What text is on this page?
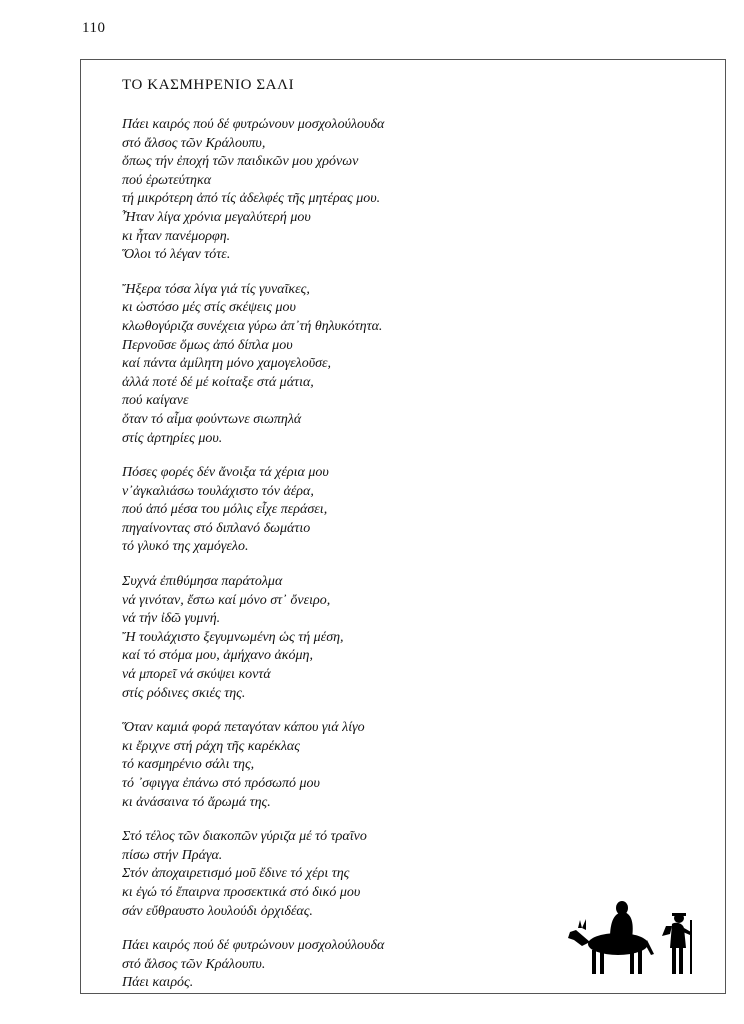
110
ΤΟ ΚΑΣΜΗΡΕΝΙΟ ΣΑΛΙ
Πάει καιρός πού δέ φυτρώνουν μοσχολούλουδα
στό ἄλσος τῶν Κράλουπυ,
ὅπως τήν ἐποχή τῶν παιδικῶν μου χρόνων
πού ἐρωτεύτηκα
τή μικρότερη ἀπό τίς ἀδελφές τῆς μητέρας μου.
Ἦταν λίγα χρόνια μεγαλύτερή μου
κι ἦταν πανέμορφη.
Ὅλοι τό λέγαν τότε.
Ἤξερα τόσα λίγα γιά τίς γυναῖκες,
κι ὡστόσο μές στίς σκέψεις μου
κλωθογύριζα συνέχεια γύρω ἀπ᾿τή θηλυκότητα.
Περνοῦσε ὅμως ἀπό δίπλα μου
καί πάντα ἀμίλητη μόνο χαμογελοῦσε,
ἀλλά ποτέ δέ μέ κοίταξε στά μάτια,
πού καίγανε
ὅταν τό αἷμα φούντωνε σιωπηλά
στίς ἀρτηρίες μου.
Πόσες φορές δέν ἄνοιξα τά χέρια μου
ν᾿ἀγκαλιάσω τουλάχιστο τόν ἀέρα,
πού ἀπό μέσα του μόλις εἶχε περάσει,
πηγαίνοντας στό διπλανό δωμάτιο
τό γλυκό της χαμόγελο.
Συχνά ἐπιθύμησα παράτολμα
νά γινόταν, ἔστω καί μόνο στ᾿ ὄνειρο,
νά τήν ἰδῶ γυμνή.
Ἤ τουλάχιστο ξεγυμνωμένη ὡς τή μέση,
καί τό στόμα μου, ἀμήχανο ἀκόμη,
νά μπορεῖ νά σκύψει κοντά
στίς ρόδινες σκιές της.
Ὅταν καμιά φορά πεταγόταν κάπου γιά λίγο
κι ἔριχνε στή ράχη τῆς καρέκλας
τό κασμηρένιο σάλι της,
τό ᾽σφιγγα ἐπάνω στό πρόσωπό μου
κι ἀνάσαινα τό ἄρωμά της.
Στό τέλος τῶν διακοπῶν γύριζα μέ τό τραῖνο
πίσω στήν Πράγα.
Στόν ἀποχαιρετισμό μοῦ ἔδινε τό χέρι της
κι ἐγώ τό ἔπαιρνα προσεκτικά στό δικό μου
σάν εὔθραυστο λουλούδι ὀρχιδέας.
Πάει καιρός πού δέ φυτρώνουν μοσχολούλουδα
στό ἄλσος τῶν Κράλουπυ.
Πάει καιρός.
